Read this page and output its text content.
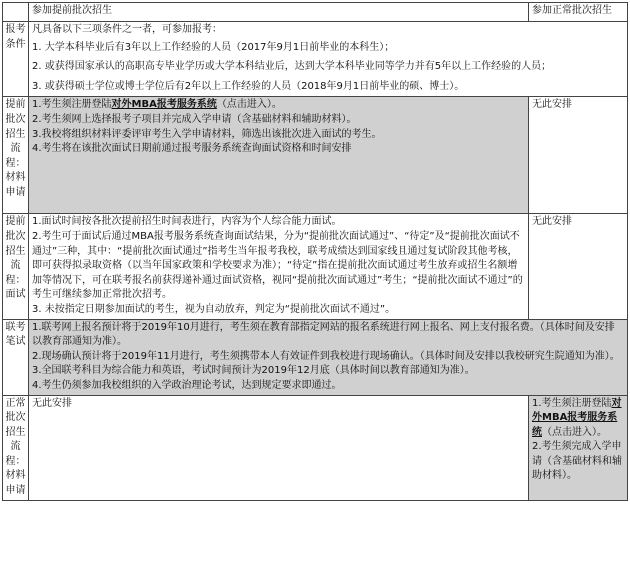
	参加提前批次招生	参加正常批次招生
报考条件	凡具备以下三项条件之一者，可参加报考：

1. 大学本科毕业后有3年以上工作经验的人员（2017年9月1日前毕业的本科生）；

2. 或获得国家承认的高职高专毕业学历或大学本科结业后，达到大学本科毕业同等学力并有5年以上工作经验的人员；

3. 或获得硕士学位或博士学位后有2年以上工作经验的人员（2018年9月1日前毕业的硕、博士）。	

提前批次招生流程：材料申请	1.考生须注册登陆对外MBA报考服务系统（点击进入）。

2.考生须网上选择报考子项目并完成入学申请（含基础材料和辅助材料）。

3.我校将组织材料评委评审考生入学申请材料，筛选出该批次进入面试的考生。

4.考生将在该批次面试日期前通过报考服务系统查询面试资格和时间安排	无此安排
提前批次招生流程：面试	1.面试时间按各批次提前招生时间表进行，内容为个人综合能力面试。

2.考生可于面试后通过MBA报考服务系统查询面试结果，分为“提前批次面试通过”、“待定”及“提前批次面试不通过”三种，其中：“提前批次面试通过”指考生当年报考我校，联考成绩达到国家线且通过复试阶段其他考核，即可获得拟录取资格（以当年国家政策和学校要求为准）；“待定”指在提前批次面试通过考生放弃或招生名额增加等情况下，可在联考报名前获得递补通过面试资格，视同“提前批次面试通过”考生；“提前批次面试不通过”的考生可继续参加正常批次招考。

3. 未按指定日期参加面试的考生，视为自动放弃，判定为“提前批次面试不通过”。	无此安排
联考笔试	1.联考网上报名预计将于2019年10月进行，考生须在教育部指定网站的报名系统进行网上报名、网上支付报名费。（具体时间及安排以教育部通知为准）。

2.现场确认预计将于2019年11月进行，考生须携带本人有效证件到我校进行现场确认。（具体时间及安排以我校研究生院通知为准）。

3.全国联考科目为综合能力和英语，考试时间预计为2019年12月底（具体时间以教育部通知为准）。

4.考生仍须参加我校组织的入学政治理论考试，达到规定要求即通过。	

正常批次招生流程：材料申请	无此安排	1.考生须注册登陆对外MBA报考服务系统（点击进入）。

2.考生须完成入学申请（含基础材料和辅助材料）。
